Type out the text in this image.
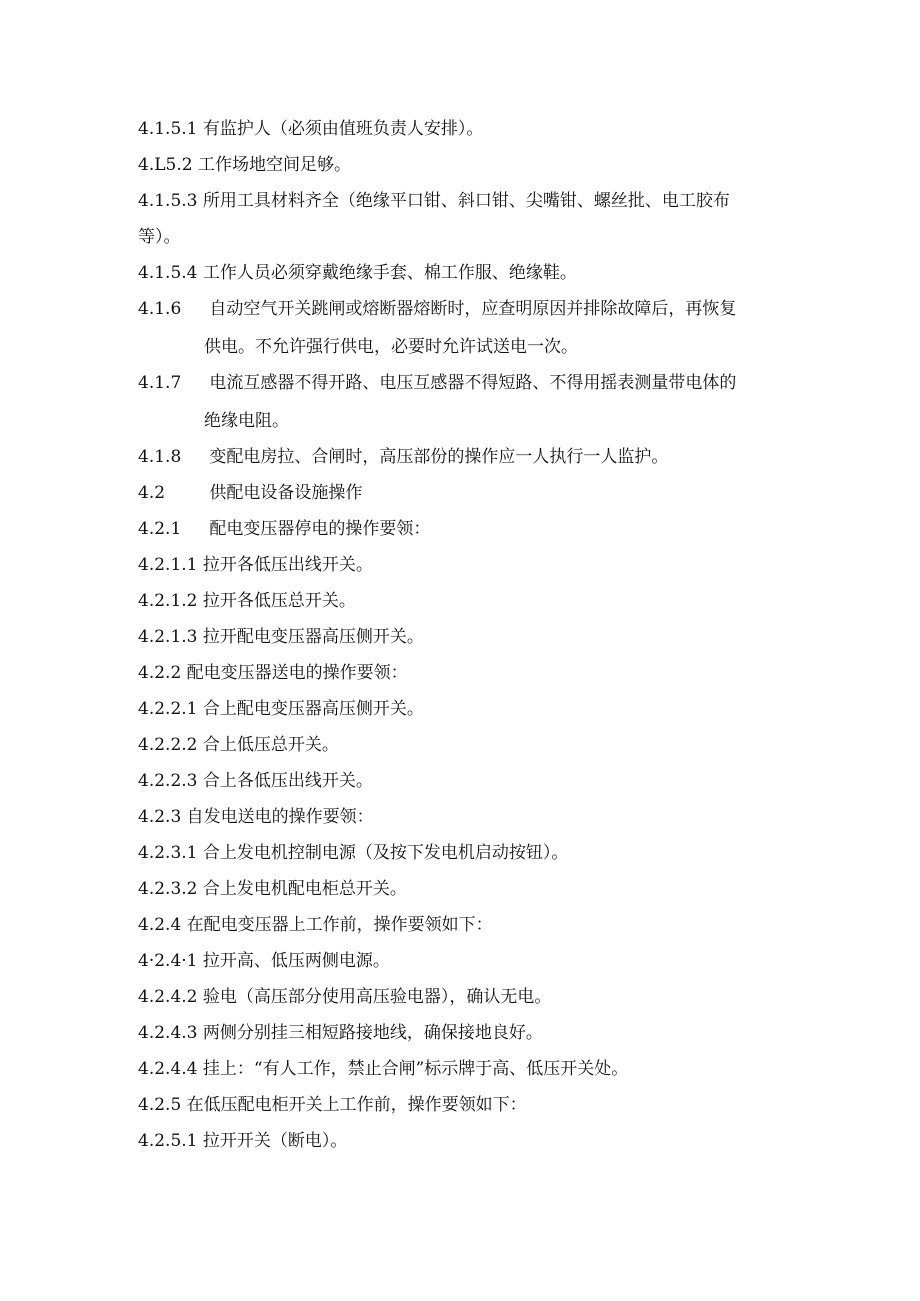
4.1.5.1 有监护人（必须由值班负责人安排）。
4.L5.2 工作场地空间足够。
4.1.5.3 所用工具材料齐全（绝缘平口钳、斜口钳、尖嘴钳、螺丝批、电工胶布
等）。
4.1.5.4 工作人员必须穿戴绝缘手套、棉工作服、绝缘鞋。
4.1.6 自动空气开关跳闸或熔断器熔断时，应查明原因并排除故障后，再恢复
供电。不允许强行供电，必要时允许试送电一次。
4.1.7 电流互感器不得开路、电压互感器不得短路、不得用摇表测量带电体的
绝缘电阻。
4.1.8 变配电房拉、合闸时，高压部份的操作应一人执行一人监护。
4.2	供配电设备设施操作
4.2.1 配电变压器停电的操作要领：
4.2.1.1 拉开各低压出线开关。
4.2.1.2 拉开各低压总开关。
4.2.1.3 拉开配电变压器高压侧开关。
4.2.2 配电变压器送电的操作要领：
4.2.2.1 合上配电变压器高压侧开关。
4.2.2.2 合上低压总开关。
4.2.2.3 合上各低压出线开关。
4.2.3 自发电送电的操作要领：
4.2.3.1 合上发电机控制电源（及按下发电机启动按钮）。
4.2.3.2 合上发电机配电柜总开关。
4.2.4 在配电变压器上工作前，操作要领如下：
4·2.4·1 拉开高、低压两侧电源。
4.2.4.2 验电（高压部分使用高压验电器），确认无电。
4.2.4.3 两侧分别挂三相短路接地线，确保接地良好。
4.2.4.4 挂上：“有人工作，禁止合闸”标示牌于高、低压开关处。
4.2.5 在低压配电柜开关上工作前，操作要领如下：
4.2.5.1 拉开开关（断电）。
